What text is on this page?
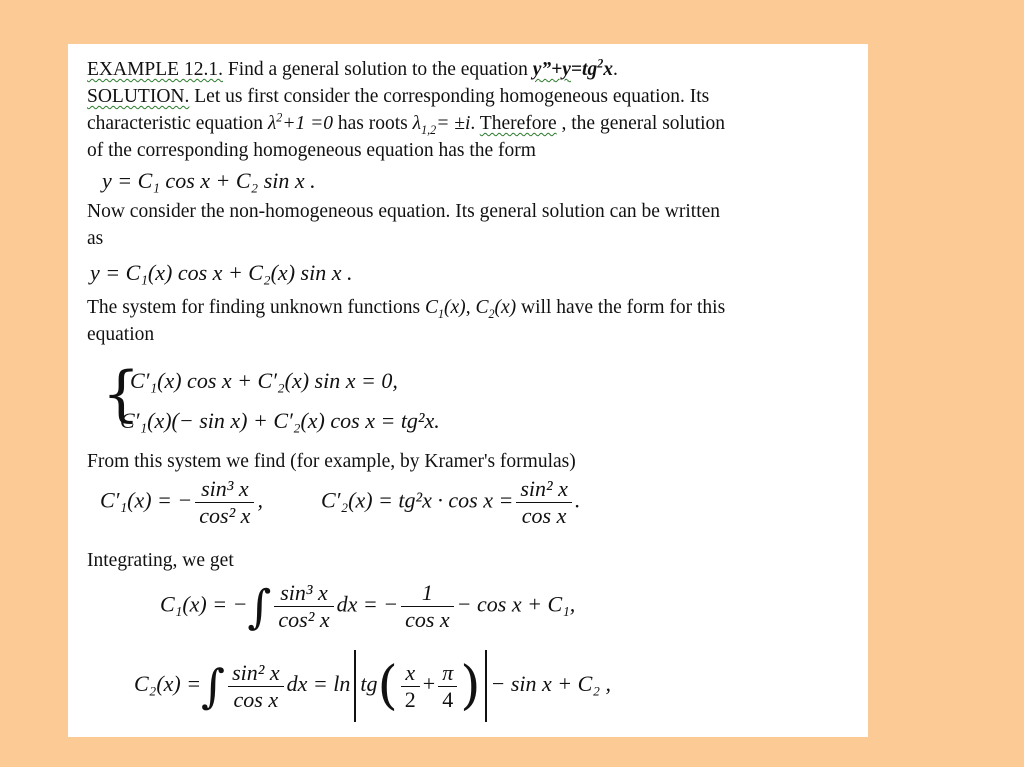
EXAMPLE 12.1. Find a general solution to the equation $y”+y=tg^2x$.
SOLUTION. Let us first consider the corresponding homogeneous equation. Its
characteristic equation $\lambda^2+1 =0$ has roots $\lambda_{1,2}= \pm i$. Therefore , the general solution
of the corresponding homogeneous equation has the form
y = C₁ cos x + C₂ sin x .
Now consider the non-homogeneous equation. Its general solution can be written
as
y = C₁(x) cos x + C₂(x) sin x .
The system for finding unknown functions $C_1(x)$, $C_2(x)$ will have the form for this
equation
{
C′₁(x) cos x + C′₂(x) sin x = 0,
C′₁(x)(− sin x) + C′₂(x) cos x = tg²x.
From this system we find (for example, by Kramer's formulas)
C′₁(x) = − $\frac{\text{sin³ x}}{\text{cos² x}}$ ,	$C'_2(x) = tg^2x \cdot \cos x = \frac{\text{sin² x}}{\text{cos x}}$ .
Integrating, we get
C₁(x) = −∫ $\frac{\text{sin³ x}}{\text{cos² x}}$ dx = − $\frac{1}{\text{cos x}} - \cos x + C_1$,
C₂(x) =∫ $\frac{\text{sin² x}}{\text{cos x}}$ dx = $\ln tg( \frac{x}{2} + \frac{\pi}{4}$ ) − sin x + C₂ ,
